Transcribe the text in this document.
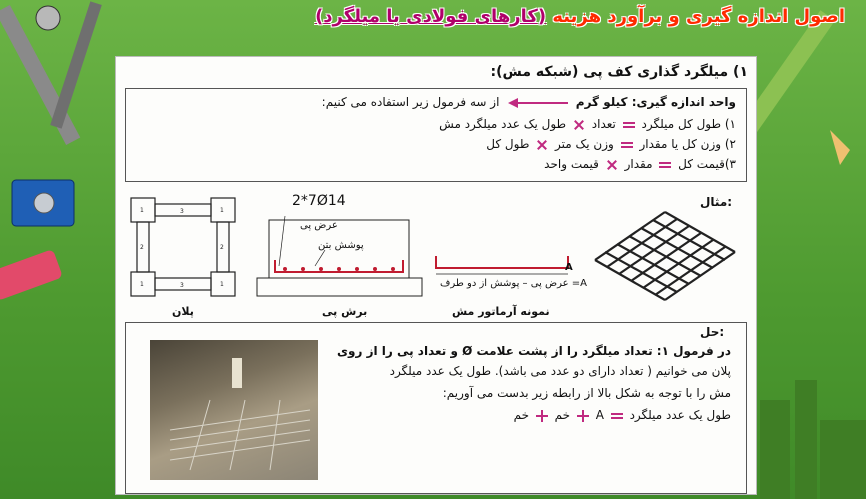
اصول اندازه گیری و برآورد هزینه (کارهای فولادی یا میلگرد)
۱) میلگرد گذاری کف پی (شبکه مش):
واحد اندازه گیری: کیلو گرم  از سه فرمول زیر استفاده می کنیم:
۱) طول کل میلگرد  تعداد  طول یک عدد میلگرد مش
۲) وزن کل یا مقدار  وزن یک متر  طول کل
۳)قیمت کل  مقدار  قیمت واحد
1	3	1
2	2
1	3	1
پلان
2*7Ø14
عرض پی
پوشش بتن
برش پی
A
A= عرض پی – پوشش از دو طرف
نمونه آرماتور مش
مثال:
حل:
در فرمول ۱: تعداد میلگرد را از پشت علامت Ø و تعداد پی را از روی
پلان می خوانیم ( تعداد دارای دو عدد می باشد). طول یک عدد میلگرد
مش را با توجه به شکل بالا از رابطه زیر بدست می آوریم:
طول یک عدد میلگرد  A  خم  خم
